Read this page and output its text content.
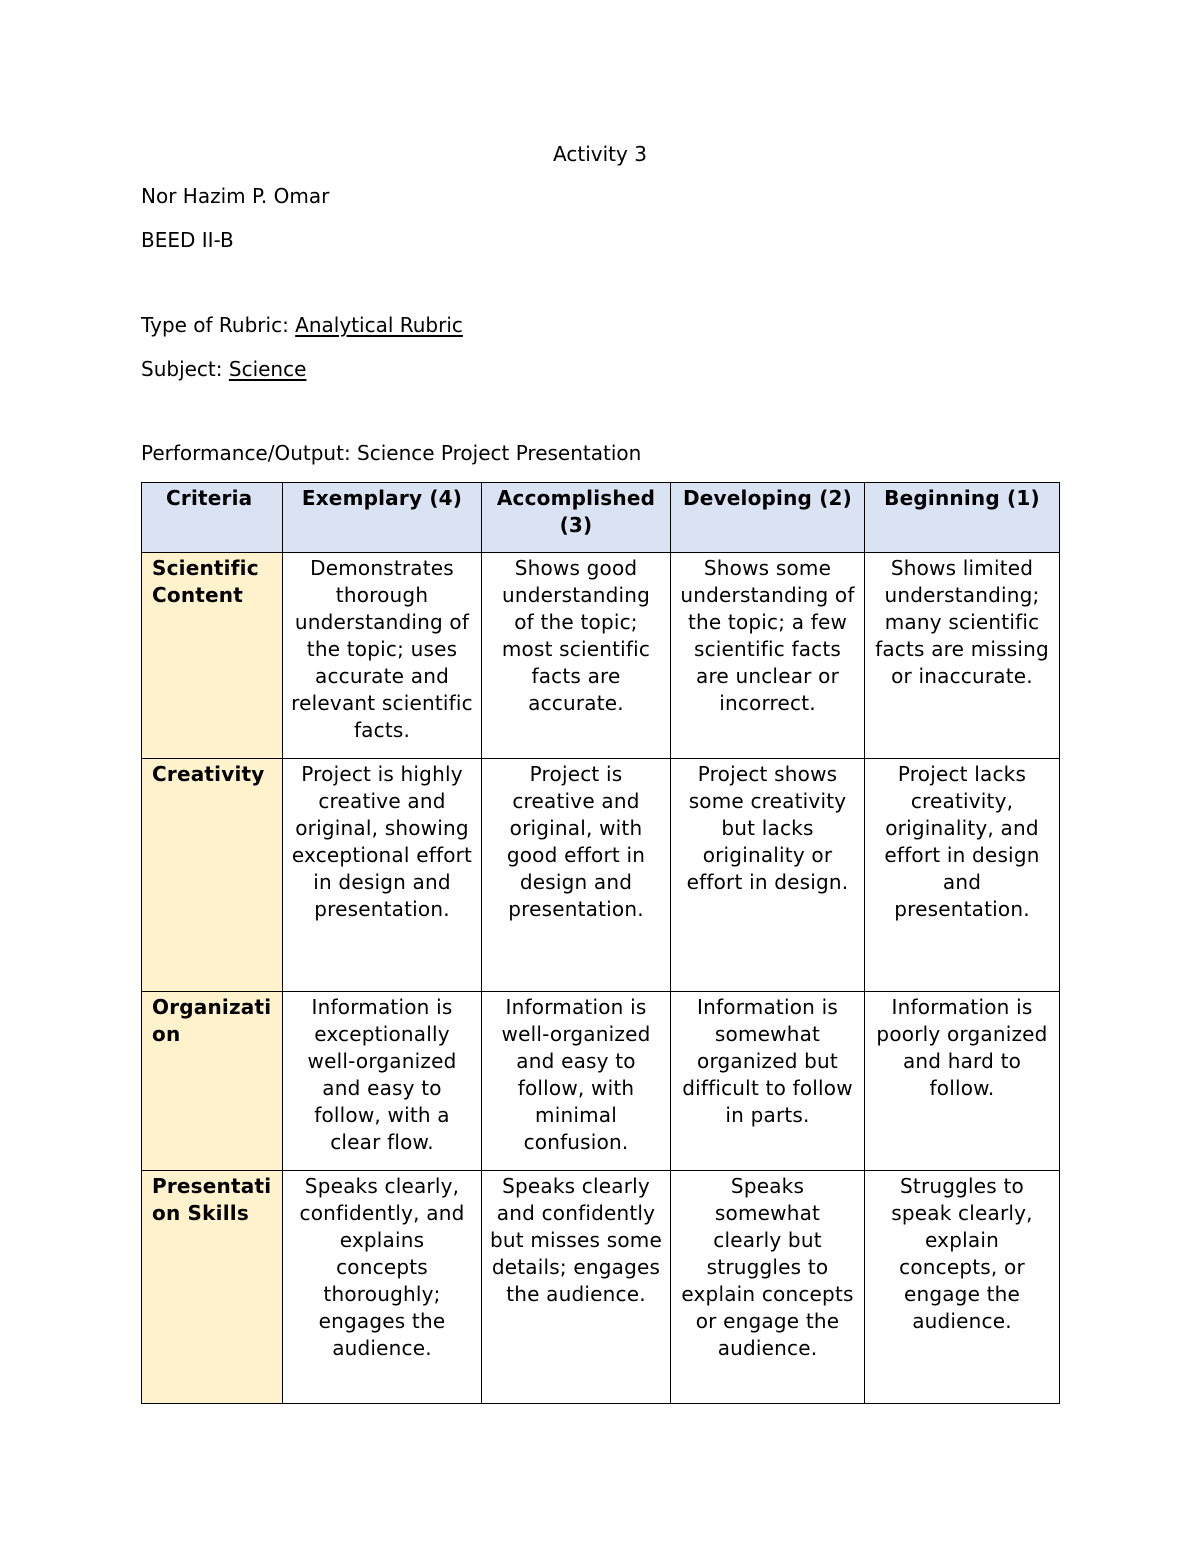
Activity 3
Nor Hazim P. Omar
BEED II-B
Type of Rubric: Analytical Rubric
Subject: Science
Performance/Output: Science Project Presentation
Criteria	Exemplary (4)	Accomplished (3)	Developing (2)	Beginning (1)
Scientific Content	Demonstrates thorough understanding of the topic; uses accurate and relevant scientific facts.	Shows good understanding of the topic; most scientific facts are accurate.	Shows some understanding of the topic; a few scientific facts are unclear or incorrect.	Shows limited understanding; many scientific facts are missing or inaccurate.
Creativity	Project is highly creative and original, showing exceptional effort in design and presentation.	Project is creative and original, with good effort in design and presentation.	Project shows some creativity but lacks originality or effort in design.	Project lacks creativity, originality, and effort in design and presentation.
Organization	Information is exceptionally well-organized and easy to follow, with a clear flow.	Information is well-organized and easy to follow, with minimal confusion.	Information is somewhat organized but difficult to follow in parts.	Information is poorly organized and hard to follow.
Presentation Skills	Speaks clearly, confidently, and explains concepts thoroughly; engages the audience.	Speaks clearly and confidently but misses some details; engages the audience.	Speaks somewhat clearly but struggles to explain concepts or engage the audience.	Struggles to speak clearly, explain concepts, or engage the audience.
